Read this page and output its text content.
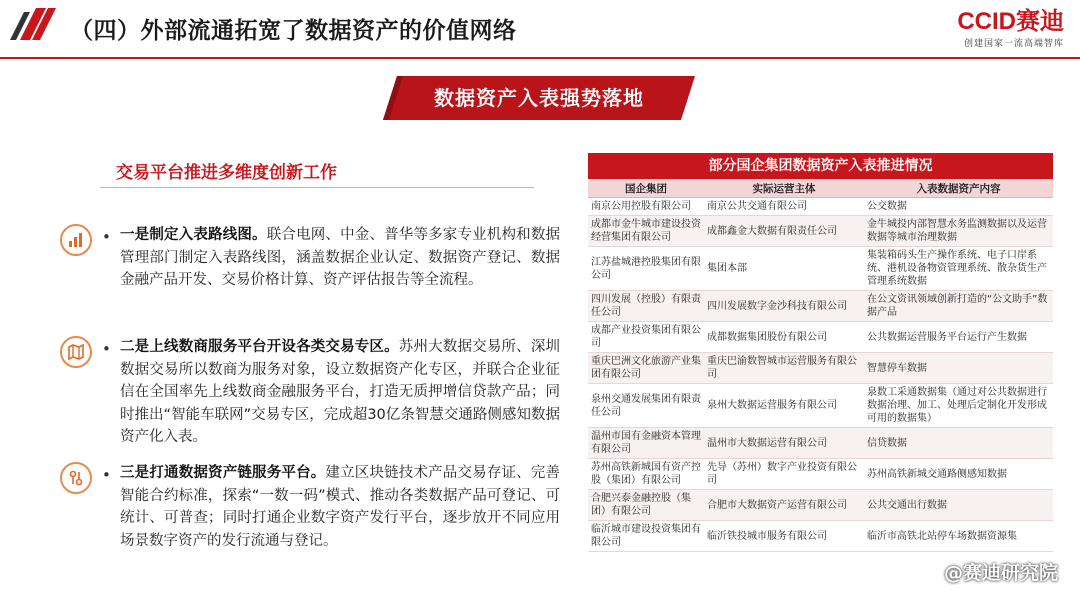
（四）外部流通拓宽了数据资产的价值网络	CCID赛迪
创建国家一流高端智库
数据资产入表强势落地
交易平台推进多维度创新工作
• 一是制定入表路线图。联合电网、中金、普华等多家专业机构和数据管理部门制定入表路线图，涵盖数据企业认定、数据资产登记、数据金融产品开发、交易价格计算、资产评估报告等全流程。
• 二是上线数商服务平台开设各类交易专区。苏州大数据交易所、深圳数据交易所以数商为服务对象，设立数据资产化专区，并联合企业征信在全国率先上线数商金融服务平台，打造无质押增信贷款产品；同时推出“智能车联网”交易专区，完成超30亿条智慧交通路侧感知数据资产化入表。
• 三是打通数据资产链服务平台。建立区块链技术产品交易存证、完善智能合约标准，探索“一数一码”模式、推动各类数据产品可登记、可统计、可普查；同时打通企业数字资产发行平台，逐步放开不同应用场景数字资产的发行流通与登记。
部分国企集团数据资产入表推进情况
国企集团	实际运营主体	入表数据资产内容
南京公用控股有限公司	南京公共交通有限公司	公交数据
成都市金牛城市建设投资经营集团有限公司	成都鑫金大数据有限责任公司	金牛城投内部智慧水务监测数据以及运营数据等城市治理数据
江苏盐城港控股集团有限公司	集团本部	集装箱码头生产操作系统、电子口岸系统、港机设备物资管理系统、散杂货生产管理系统数据
四川发展（控股）有限责任公司	四川发展数字金沙科技有限公司	在公文资讯领域创新打造的“公文助手”数据产品
成都产业投资集团有限公司	成都数据集团股份有限公司	公共数据运营服务平台运行产生数据
重庆巴洲文化旅游产业集团有限公司	重庆巴渝数智城市运营服务有限公司	智慧停车数据
泉州交通发展集团有限责任公司	泉州大数据运营服务有限公司	泉数工采通数据集（通过对公共数据进行数据治理、加工、处理后定制化开发形成可用的数据集）
温州市国有金融资本管理有限公司	温州市大数据运营有限公司	信贷数据
苏州高铁新城国有资产控股（集团）有限公司	先导（苏州）数字产业投资有限公司	苏州高铁新城交通路侧感知数据
合肥兴泰金融控股（集团）有限公司	合肥市大数据资产运营有限公司	公共交通出行数据
临沂城市建设投资集团有限公司	临沂铁投城市服务有限公司	临沂市高铁北站停车场数据资源集
@赛迪研究院
